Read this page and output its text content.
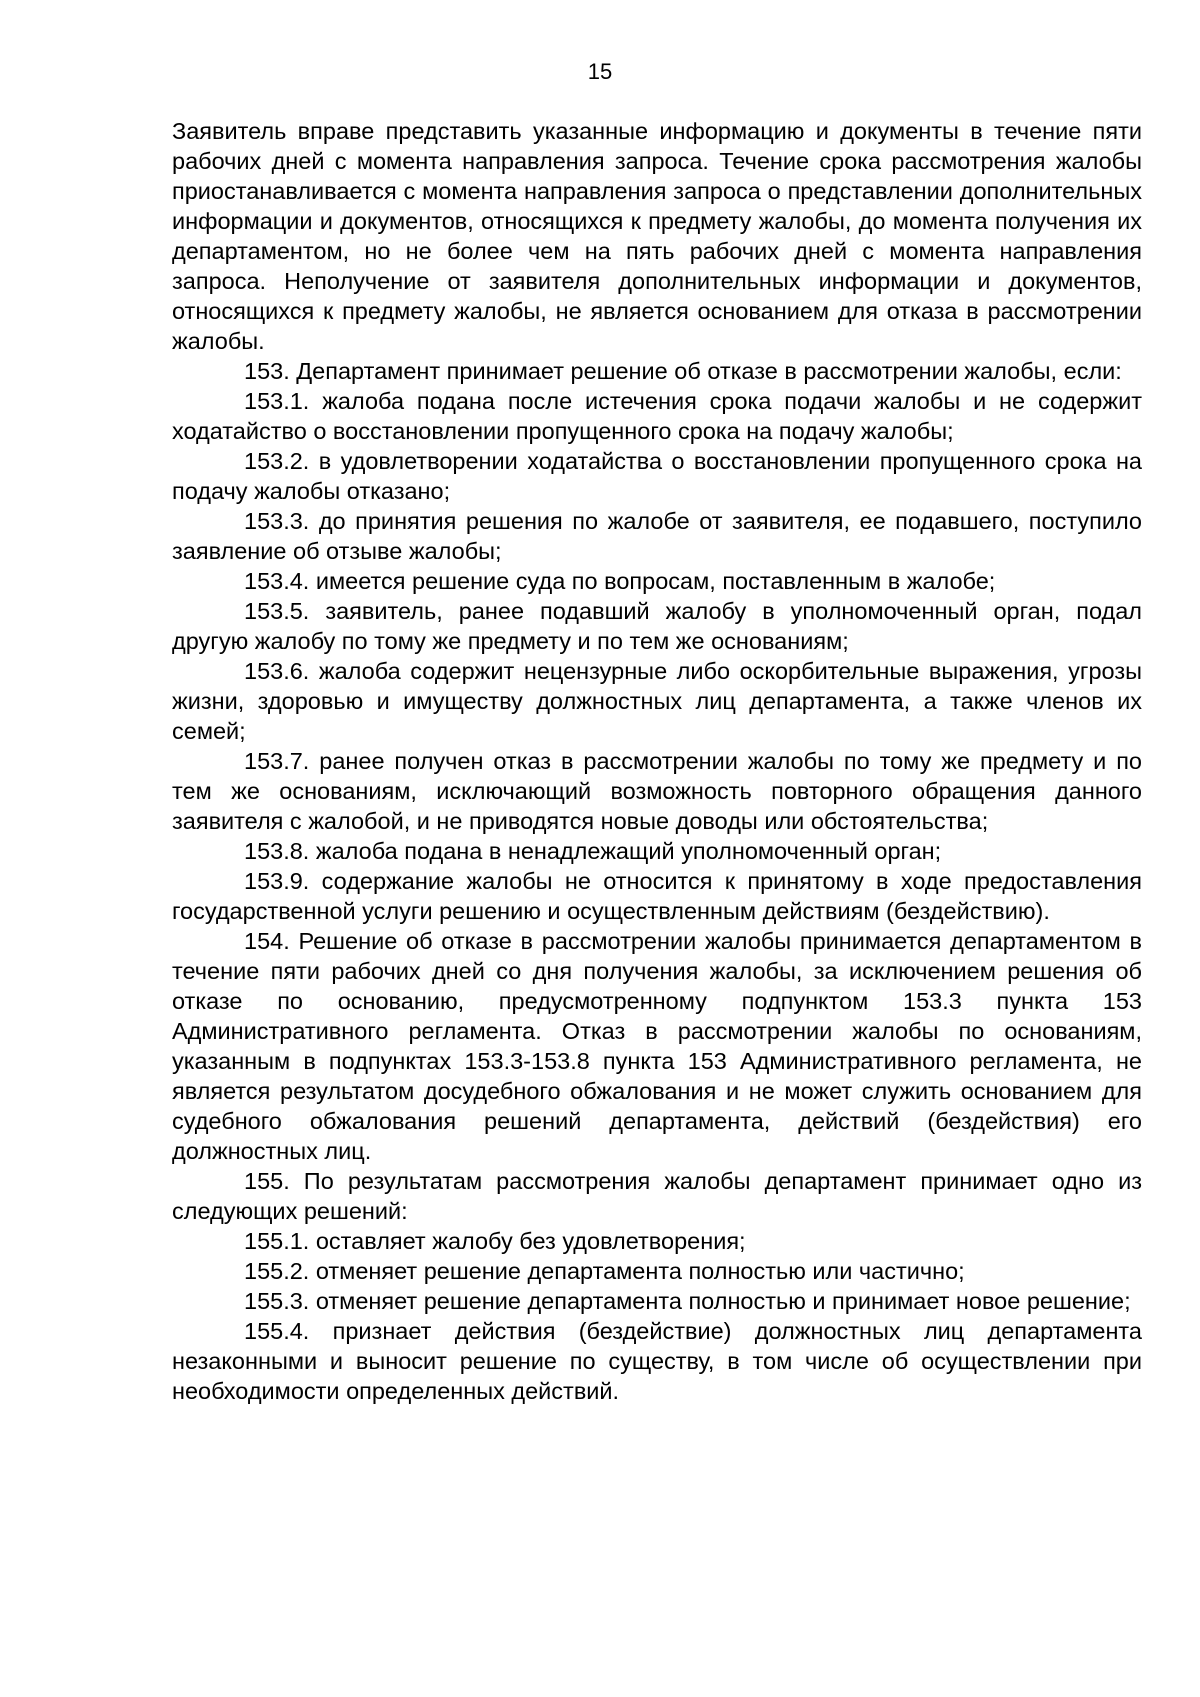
15

Заявитель вправе представить указанные информацию и документы в течение пяти рабочих дней с момента направления запроса. Течение срока рассмотрения жалобы приостанавливается с момента направления запроса о представлении дополнительных информации и документов, относящихся к предмету жалобы, до момента получения их департаментом, но не более чем на пять рабочих дней с момента направления запроса. Неполучение от заявителя дополнительных информации и документов, относящихся к предмету жалобы, не является основанием для отказа в рассмотрении жалобы.

153. Департамент принимает решение об отказе в рассмотрении жалобы, если:

153.1. жалоба подана после истечения срока подачи жалобы и не содержит ходатайство о восстановлении пропущенного срока на подачу жалобы;

153.2. в удовлетворении ходатайства о восстановлении пропущенного срока на подачу жалобы отказано;

153.3. до принятия решения по жалобе от заявителя, ее подавшего, поступило заявление об отзыве жалобы;

153.4. имеется решение суда по вопросам, поставленным в жалобе;

153.5. заявитель, ранее подавший жалобу в уполномоченный орган, подал другую жалобу по тому же предмету и по тем же основаниям;

153.6. жалоба содержит нецензурные либо оскорбительные выражения, угрозы жизни, здоровью и имуществу должностных лиц департамента, а также членов их семей;

153.7. ранее получен отказ в рассмотрении жалобы по тому же предмету и по тем же основаниям, исключающий возможность повторного обращения данного заявителя с жалобой, и не приводятся новые доводы или обстоятельства;

153.8. жалоба подана в ненадлежащий уполномоченный орган;

153.9. содержание жалобы не относится к принятому в ходе предоставления государственной услуги решению и осуществленным действиям (бездействию).

154. Решение об отказе в рассмотрении жалобы принимается департаментом в течение пяти рабочих дней со дня получения жалобы, за исключением решения об отказе по основанию, предусмотренному подпунктом 153.3 пункта 153 Административного регламента. Отказ в рассмотрении жалобы по основаниям, указанным в подпунктах 153.3-153.8 пункта 153 Административного регламента, не является результатом досудебного обжалования и не может служить основанием для судебного обжалования решений департамента, действий (бездействия) его должностных лиц.

155. По результатам рассмотрения жалобы департамент принимает одно из следующих решений:

155.1. оставляет жалобу без удовлетворения;

155.2. отменяет решение департамента полностью или частично;

155.3. отменяет решение департамента полностью и принимает новое решение;

155.4. признает действия (бездействие) должностных лиц департамента незаконными и выносит решение по существу, в том числе об осуществлении при необходимости определенных действий.
